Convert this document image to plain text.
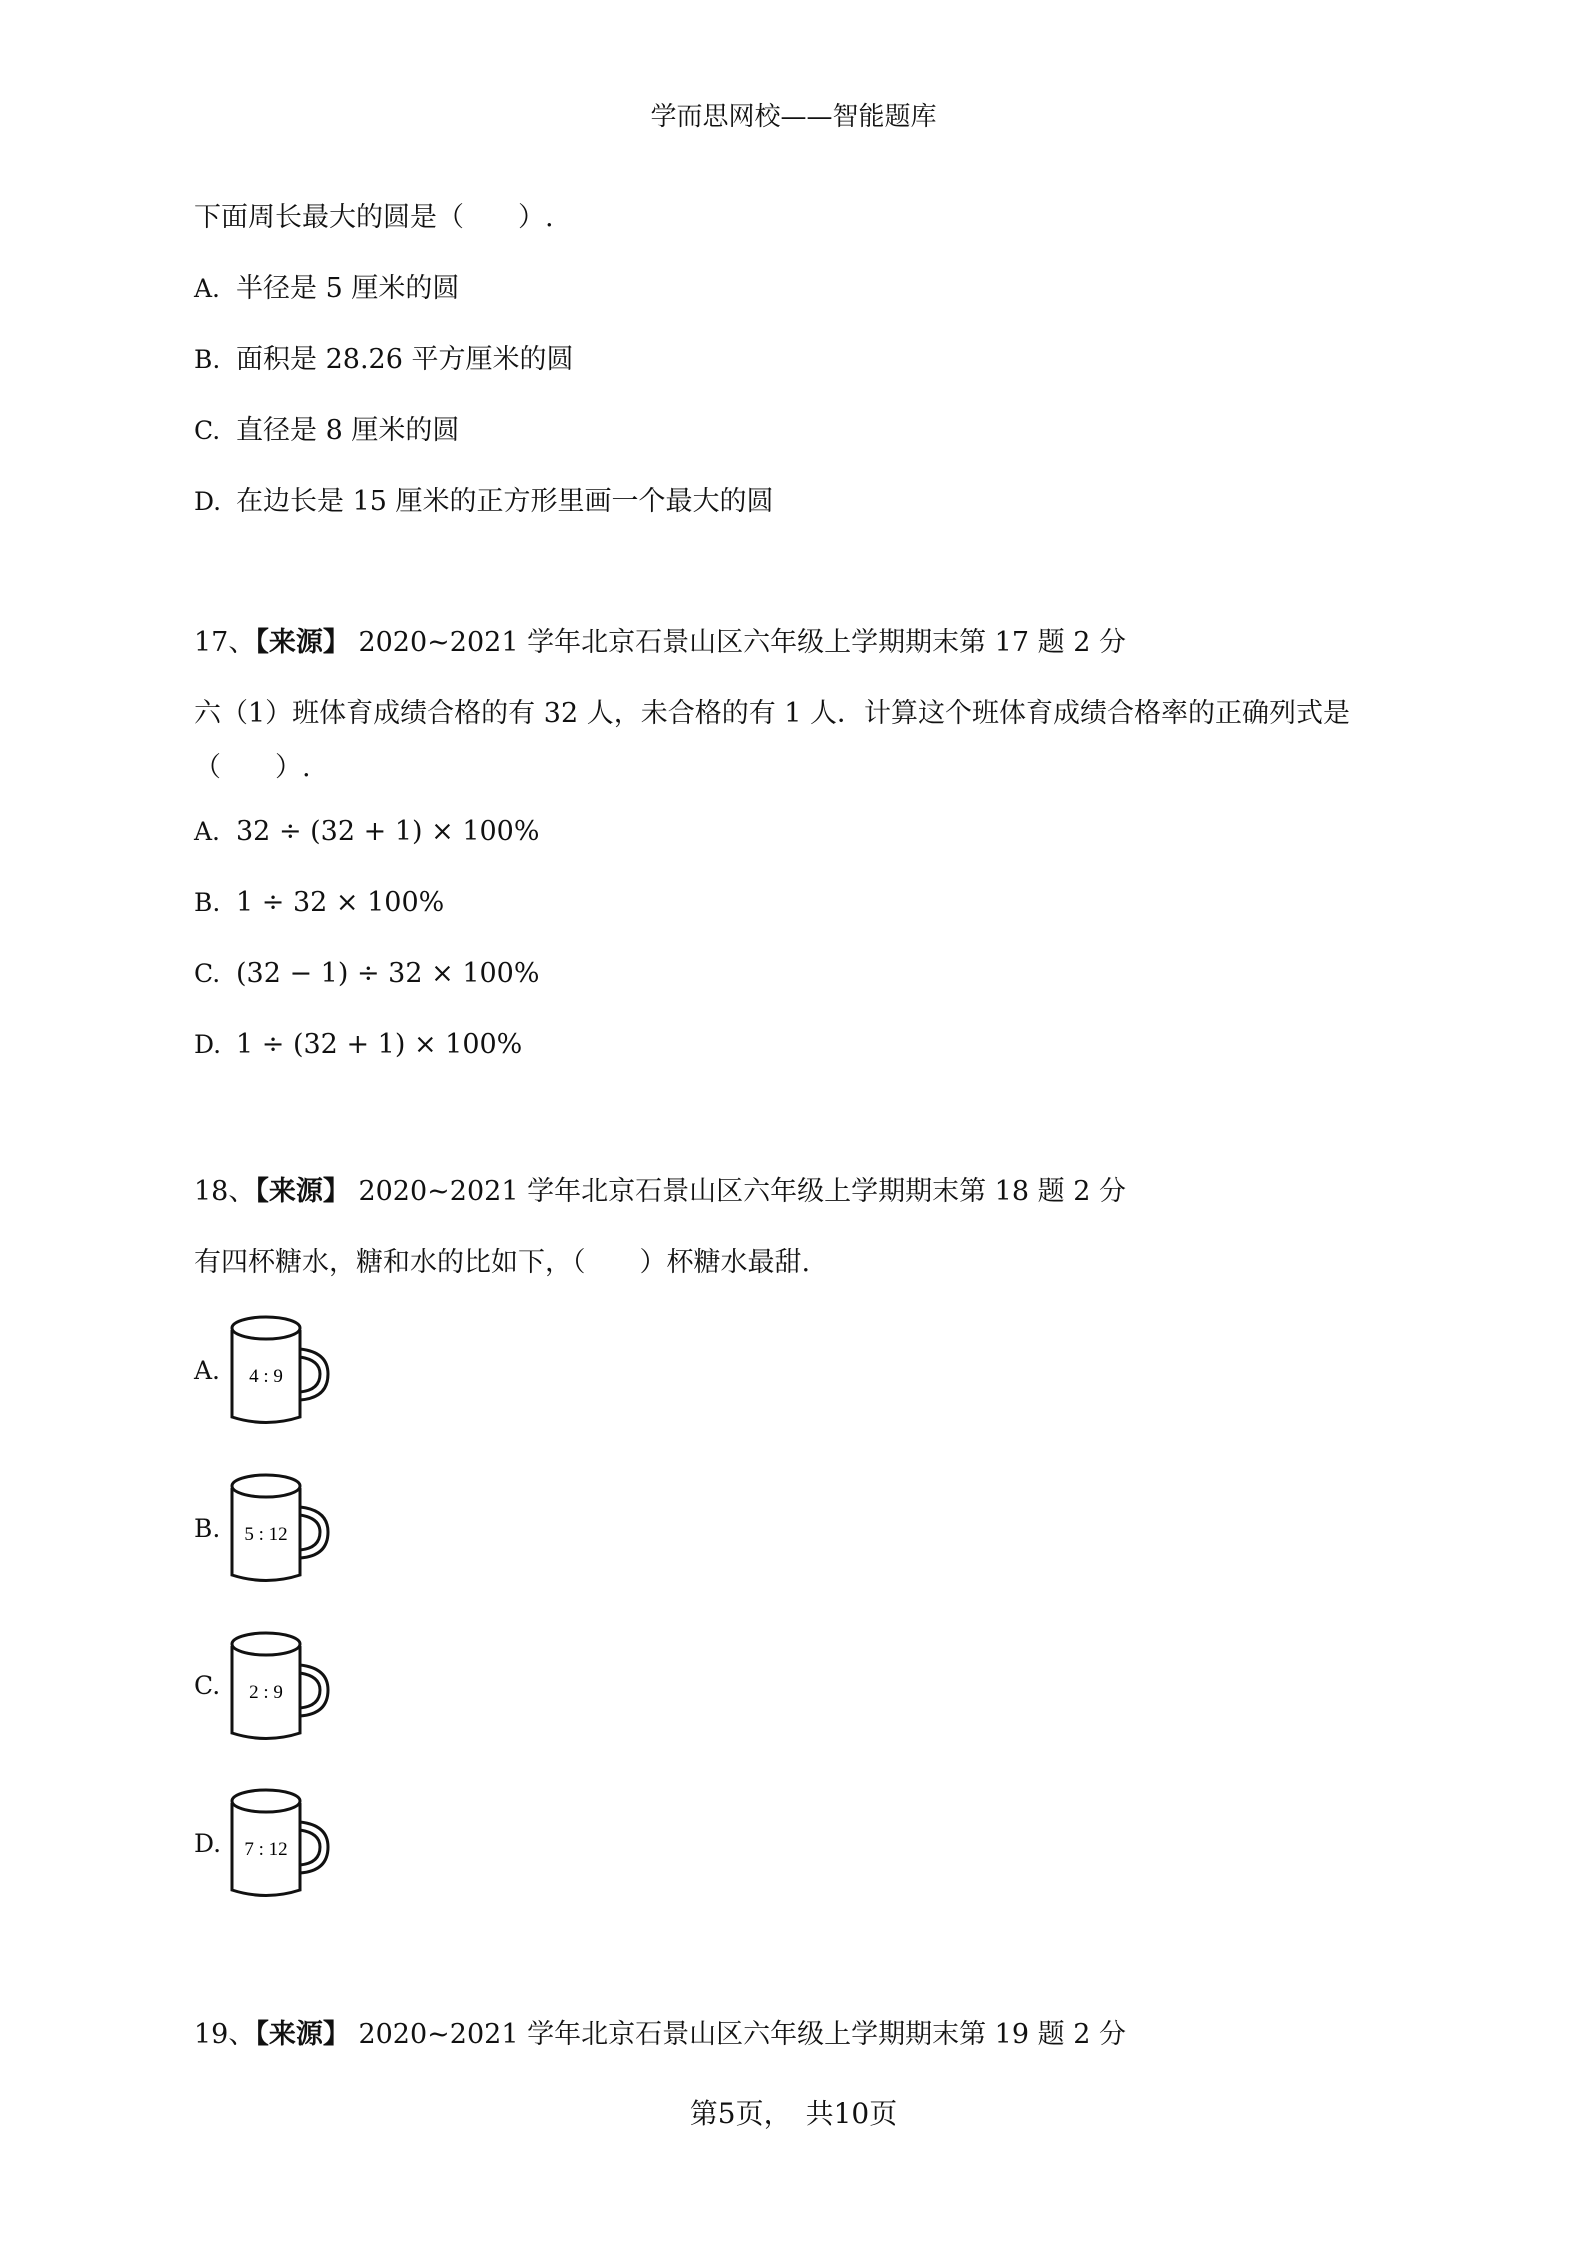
学而思网校——智能题库
下面周长最大的圆是（　　）.
A. 半径是 5 厘米的圆
B. 面积是 28.26 平方厘米的圆
C. 直径是 8 厘米的圆
D. 在边长是 15 厘米的正方形里画一个最大的圆
17、【来源】 2020~2021 学年北京石景山区六年级上学期期末第 17 题 2 分
六（1）班体育成绩合格的有 32 人，未合格的有 1 人．计算这个班体育成绩合格率的正确列式是
（　　）.
A. 32 ÷ (32 + 1) × 100%
B. 1 ÷ 32 × 100%
C. (32 − 1) ÷ 32 × 100%
D. 1 ÷ (32 + 1) × 100%
18、【来源】 2020~2021 学年北京石景山区六年级上学期期末第 18 题 2 分
有四杯糖水，糖和水的比如下，（　　）杯糖水最甜.
A. 4 : 9
B. 5 : 12
C. 2 : 9
D. 7 : 12
19、【来源】 2020~2021 学年北京石景山区六年级上学期期末第 19 题 2 分
第5页，　共10页
